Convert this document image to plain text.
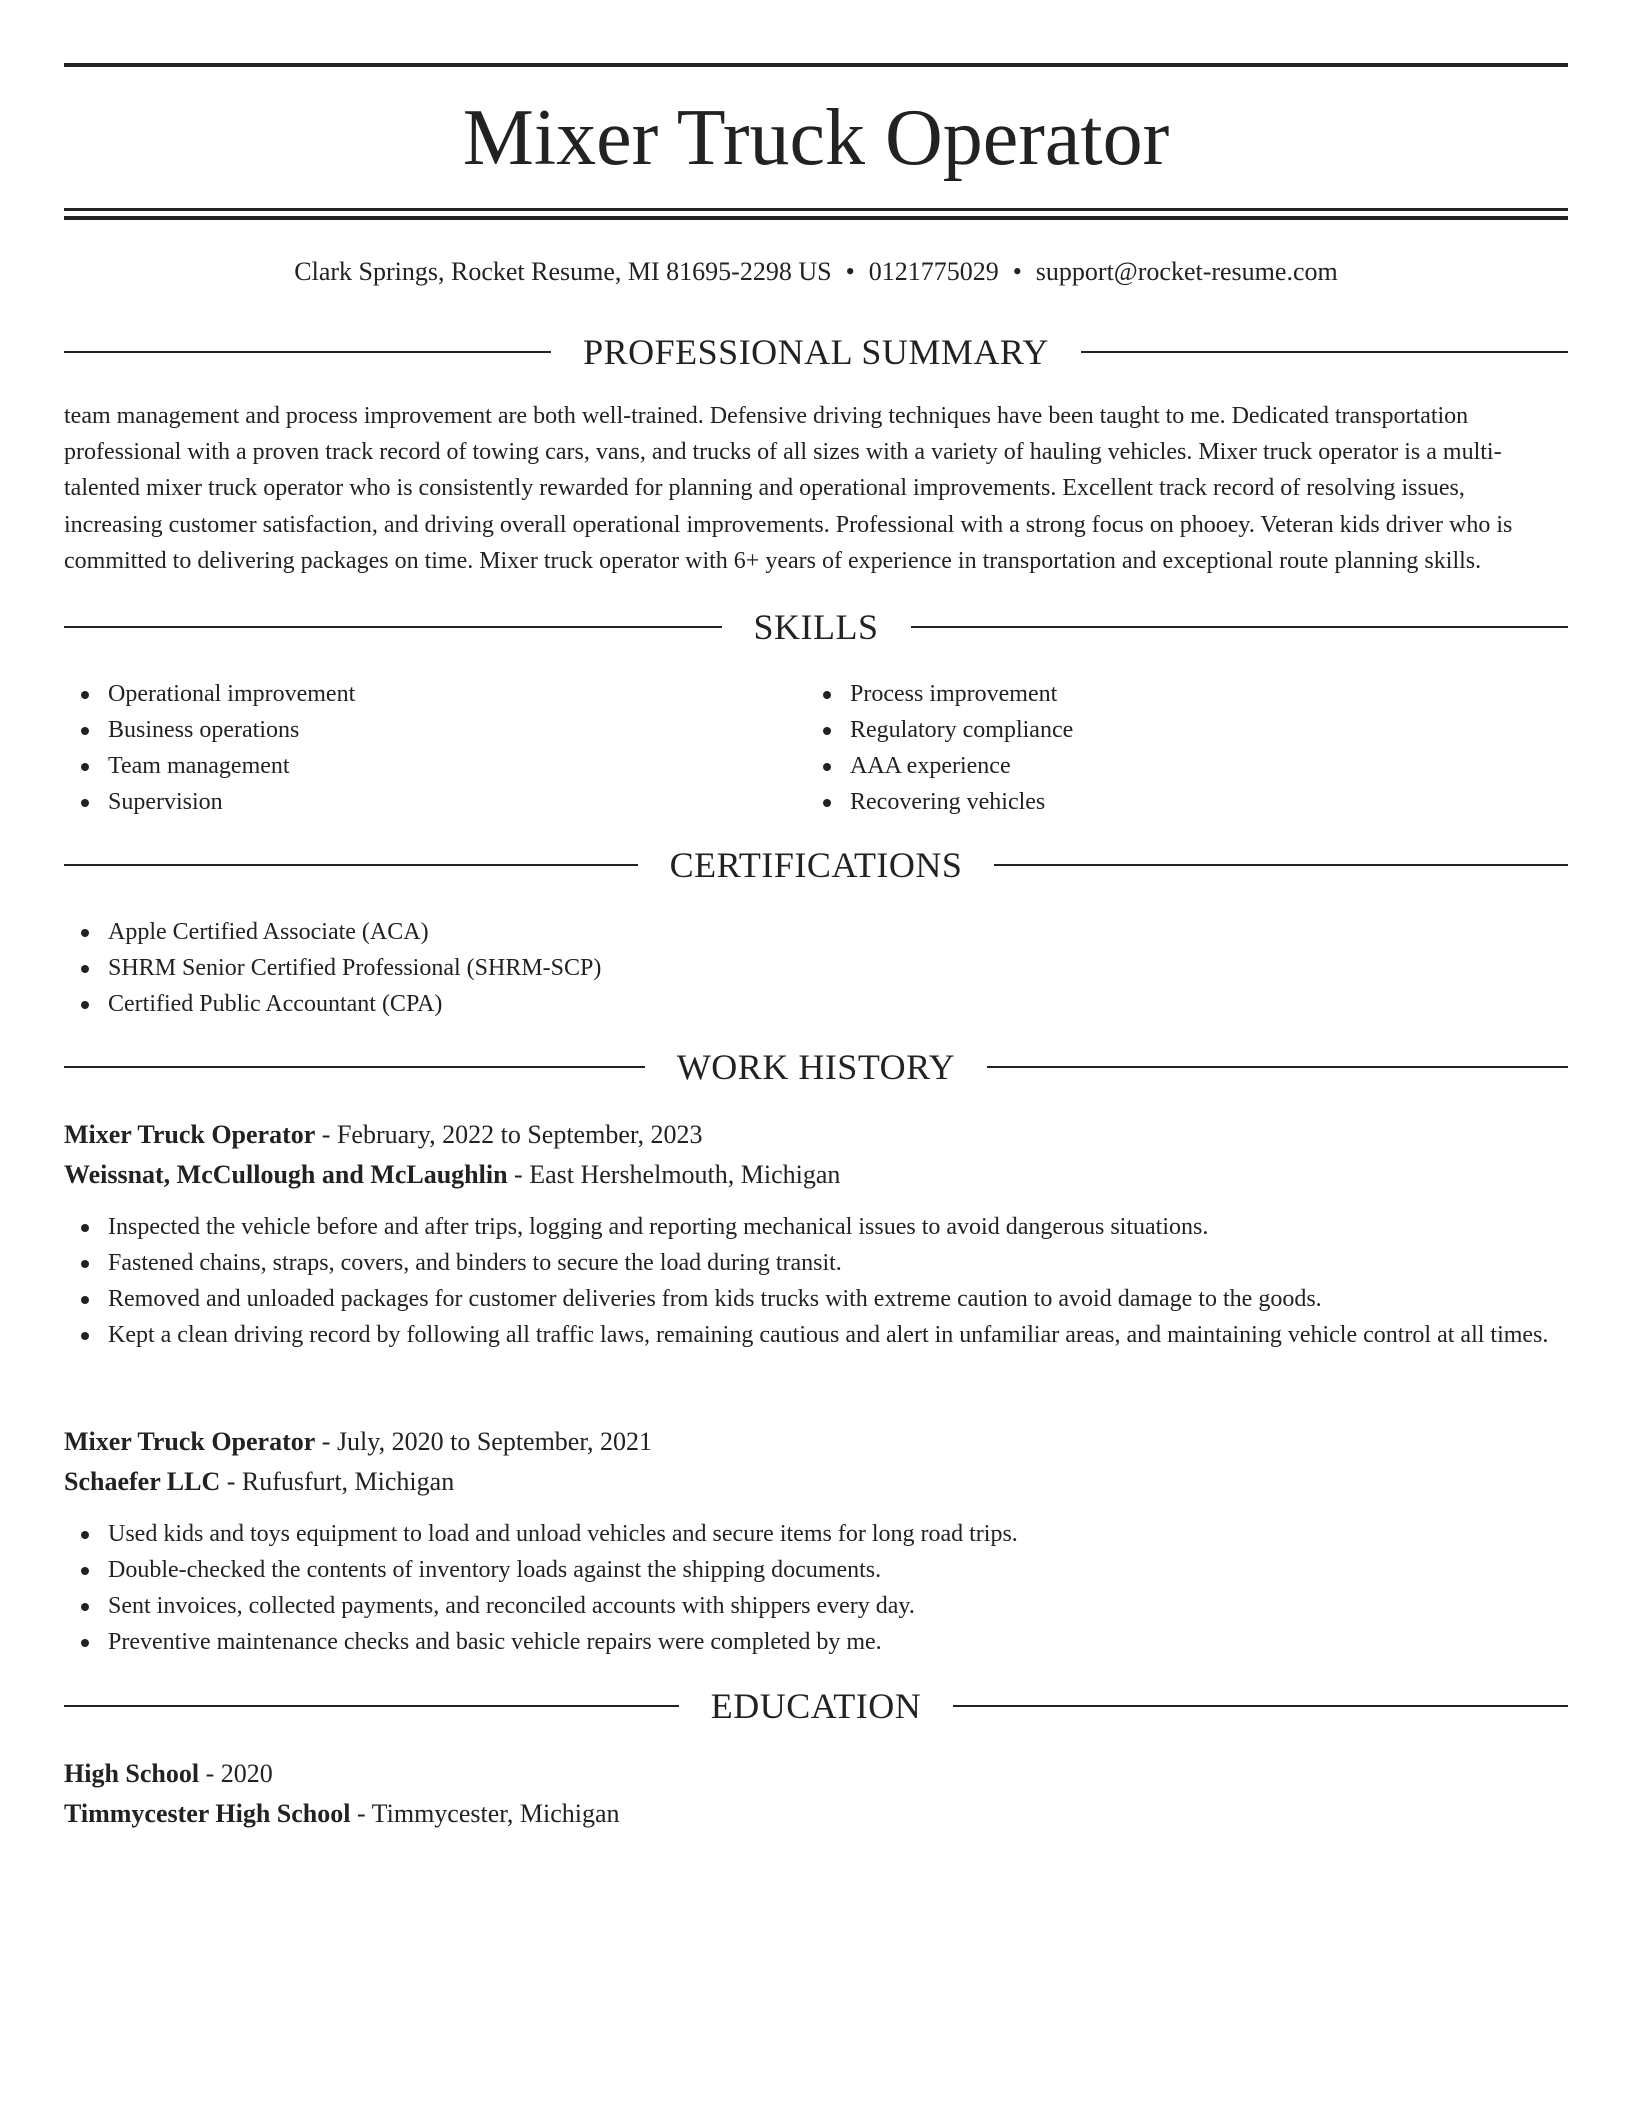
Mixer Truck Operator
Clark Springs, Rocket Resume, MI 81695-2298 US • 0121775029 • support@rocket-resume.com
PROFESSIONAL SUMMARY

team management and process improvement are both well-trained. Defensive driving techniques have been taught to me. Dedicated transportation professional with a proven track record of towing cars, vans, and trucks of all sizes with a variety of hauling vehicles. Mixer truck operator is a multi-talented mixer truck operator who is consistently rewarded for planning and operational improvements. Excellent track record of resolving issues, increasing customer satisfaction, and driving overall operational improvements. Professional with a strong focus on phooey. Veteran kids driver who is committed to delivering packages on time. Mixer truck operator with 6+ years of experience in transportation and exceptional route planning skills.

SKILLS
Operational improvement
Business operations
Team management
Supervision
Process improvement
Regulatory compliance
AAA experience
Recovering vehicles
CERTIFICATIONS
Apple Certified Associate (ACA)
SHRM Senior Certified Professional (SHRM-SCP)
Certified Public Accountant (CPA)
WORK HISTORY
Mixer Truck Operator - February, 2022 to September, 2023
Weissnat, McCullough and McLaughlin - East Hershelmouth, Michigan
Inspected the vehicle before and after trips, logging and reporting mechanical issues to avoid dangerous situations.
Fastened chains, straps, covers, and binders to secure the load during transit.
Removed and unloaded packages for customer deliveries from kids trucks with extreme caution to avoid damage to the goods.
Kept a clean driving record by following all traffic laws, remaining cautious and alert in unfamiliar areas, and maintaining vehicle control at all times.
Mixer Truck Operator - July, 2020 to September, 2021
Schaefer LLC - Rufusfurt, Michigan
Used kids and toys equipment to load and unload vehicles and secure items for long road trips.
Double-checked the contents of inventory loads against the shipping documents.
Sent invoices, collected payments, and reconciled accounts with shippers every day.
Preventive maintenance checks and basic vehicle repairs were completed by me.
EDUCATION
High School - 2020
Timmycester High School - Timmycester, Michigan
